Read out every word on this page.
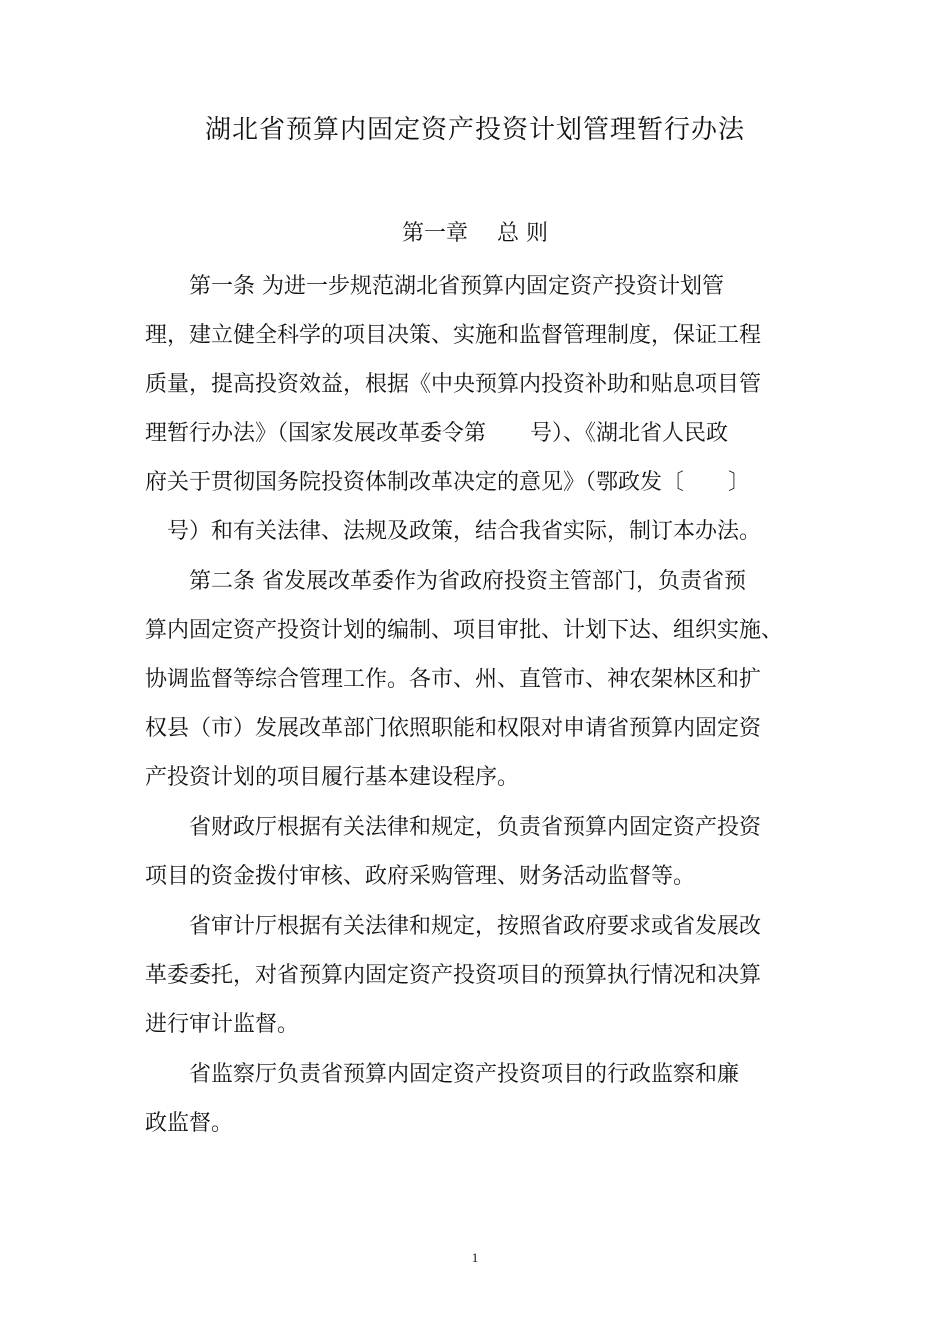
湖北省预算内固定资产投资计划管理暂行办法
第一章　 总 则
第一条 为进一步规范湖北省预算内固定资产投资计划管
理，建立健全科学的项目决策、实施和监督管理制度，保证工程
质量，提高投资效益，根据《中央预算内投资补助和贴息项目管
理暂行办法》（国家发展改革委令第　　号）、《湖北省人民政
府关于贯彻国务院投资体制改革决定的意见》（鄂政发〔　　〕
　号）和有关法律、法规及政策，结合我省实际，制订本办法。
第二条 省发展改革委作为省政府投资主管部门，负责省预
算内固定资产投资计划的编制、项目审批、计划下达、组织实施、
协调监督等综合管理工作。各市、州、直管市、神农架林区和扩
权县（市）发展改革部门依照职能和权限对申请省预算内固定资
产投资计划的项目履行基本建设程序。
省财政厅根据有关法律和规定，负责省预算内固定资产投资
项目的资金拨付审核、政府采购管理、财务活动监督等。
省审计厅根据有关法律和规定，按照省政府要求或省发展改
革委委托，对省预算内固定资产投资项目的预算执行情况和决算
进行审计监督。
省监察厅负责省预算内固定资产投资项目的行政监察和廉
政监督。
1
